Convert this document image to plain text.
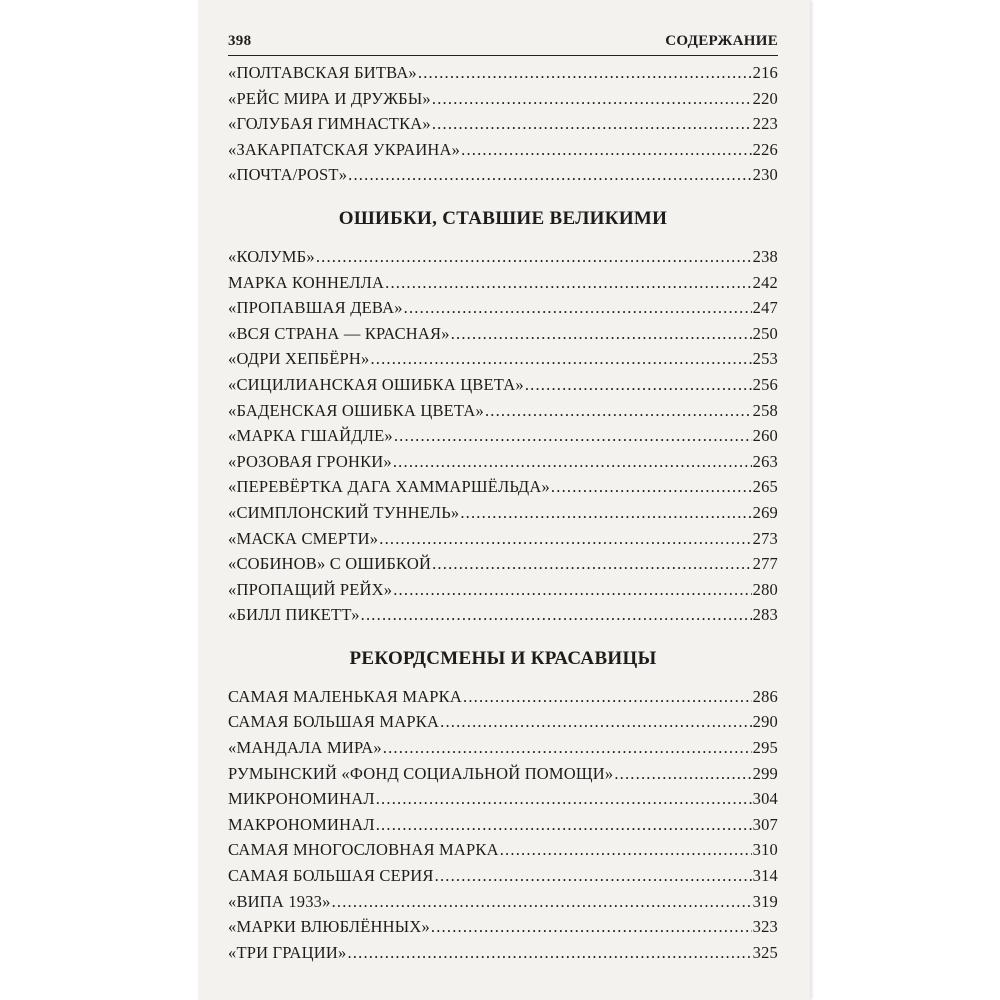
398	СОДЕРЖАНИЕ
«ПОЛТАВСКАЯ БИТВА» .....	216
«РЕЙС МИРА И ДРУЖБЫ» .....	220
«ГОЛУБАЯ ГИМНАСТКА» .....	223
«ЗАКАРПАТСКАЯ УКРАИНА» .....	226
«ПОЧТА/POST» .....	230
ОШИБКИ, СТАВШИЕ ВЕЛИКИМИ
«КОЛУМБ» .....	238
МАРКА КОННЕЛЛА .....	242
«ПРОПАВШАЯ ДЕВА» .....	247
«ВСЯ СТРАНА — КРАСНАЯ» .....	250
«ОДРИ ХЕПБЁРН» .....	253
«СИЦИЛИАНСКАЯ ОШИБКА ЦВЕТА» .....	256
«БАДЕНСКАЯ ОШИБКА ЦВЕТА» .....	258
«МАРКА ГШАЙДЛЕ» .....	260
«РОЗОВАЯ ГРОНКИ» .....	263
«ПЕРЕВЁРТКА ДАГА ХАММАРШЁЛЬДА» .....	265
«СИМПЛОНСКИЙ ТУННЕЛЬ» .....	269
«МАСКА СМЕРТИ» .....	273
«СОБИНОВ» С ОШИБКОЙ .....	277
«ПРОПАЩИЙ РЕЙХ» .....	280
«БИЛЛ ПИКЕТТ» .....	283
РЕКОРДСМЕНЫ И КРАСАВИЦЫ
САМАЯ МАЛЕНЬКАЯ МАРКА .....	286
САМАЯ БОЛЬШАЯ МАРКА .....	290
«МАНДАЛА МИРА» .....	295
РУМЫНСКИЙ «ФОНД СОЦИАЛЬНОЙ ПОМОЩИ» .....	299
МИКРОНОМИНАЛ .....	304
МАКРОНОМИНАЛ .....	307
САМАЯ МНОГОСЛОВНАЯ МАРКА .....	310
САМАЯ БОЛЬШАЯ СЕРИЯ .....	314
«ВИПА 1933» .....	319
«МАРКИ ВЛЮБЛЁННЫХ» .....	323
«ТРИ ГРАЦИИ» .....	325
